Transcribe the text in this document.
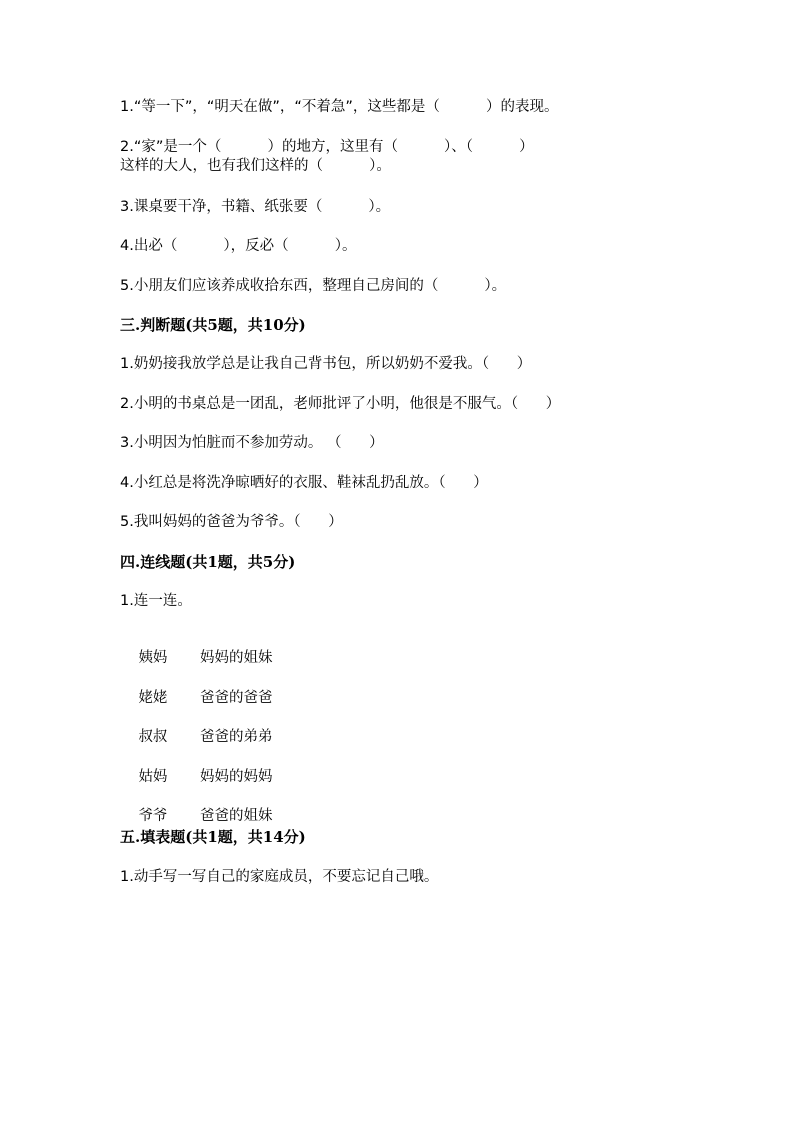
1.“等一下”，“明天在做”，“不着急”，这些都是（          ）的表现。
2.“家”是一个（          ）的地方，这里有（          ）、（          ）
这样的大人，也有我们这样的（          ）。
3.课桌要干净，书籍、纸张要（          ）。
4.出必（          ），反必（          ）。
5.小朋友们应该养成收拾东西，整理自己房间的（          ）。
三.判断题(共5题，共10分)
1.奶奶接我放学总是让我自己背书包，所以奶奶不爱我。（      ）
2.小明的书桌总是一团乱，老师批评了小明，他很是不服气。（      ）
3.小明因为怕脏而不参加劳动。 （      ）
4.小红总是将洗净晾晒好的衣服、鞋袜乱扔乱放。（      ）
5.我叫妈妈的爸爸为爷爷。（      ）
四.连线题(共1题，共5分)
1.连一连。

姨妈 妈妈的姐妹

姥姥 爸爸的爸爸

叔叔 爸爸的弟弟

姑妈 妈妈的妈妈

爷爷 爸爸的姐妹

五.填表题(共1题，共14分)
1.动手写一写自己的家庭成员，不要忘记自己哦。
